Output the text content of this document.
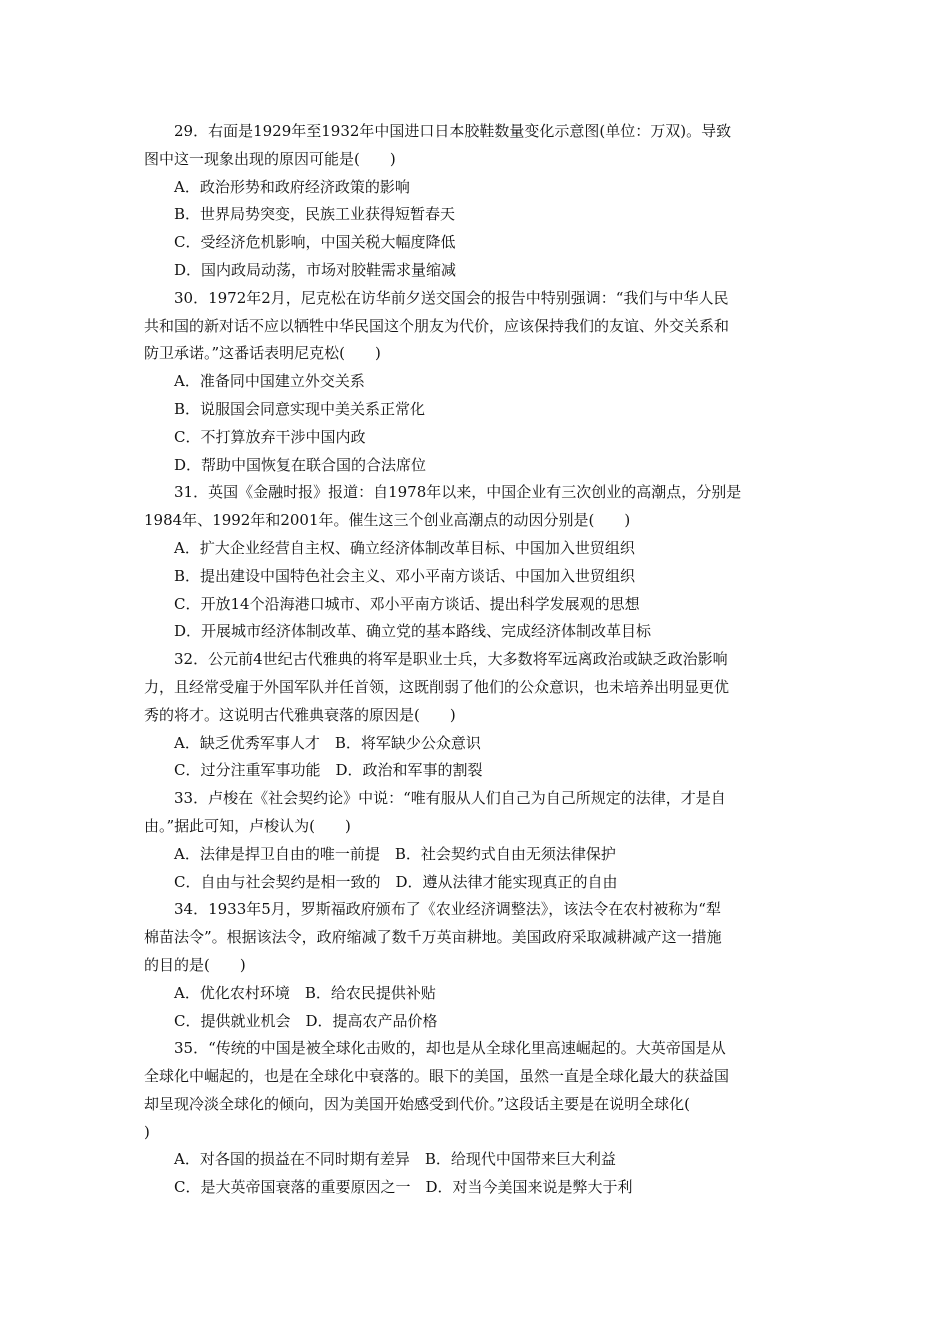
29．右面是1929年至1932年中国进口日本胶鞋数量变化示意图(单位：万双)。导致
图中这一现象出现的原因可能是(　　)
A．政治形势和政府经济政策的影响
B．世界局势突变，民族工业获得短暂春天
C．受经济危机影响，中国关税大幅度降低
D．国内政局动荡，市场对胶鞋需求量缩减
30．1972年2月，尼克松在访华前夕送交国会的报告中特别强调：“我们与中华人民
共和国的新对话不应以牺牲中华民国这个朋友为代价，应该保持我们的友谊、外交关系和
防卫承诺。”这番话表明尼克松(　　)
A．准备同中国建立外交关系
B．说服国会同意实现中美关系正常化
C．不打算放弃干涉中国内政
D．帮助中国恢复在联合国的合法席位
31．英国《金融时报》报道：自1978年以来，中国企业有三次创业的高潮点，分别是
1984年、1992年和2001年。催生这三个创业高潮点的动因分别是(　　)
A．扩大企业经营自主权、确立经济体制改革目标、中国加入世贸组织
B．提出建设中国特色社会主义、邓小平南方谈话、中国加入世贸组织
C．开放14个沿海港口城市、邓小平南方谈话、提出科学发展观的思想
D．开展城市经济体制改革、确立党的基本路线、完成经济体制改革目标
32．公元前4世纪古代雅典的将军是职业士兵，大多数将军远离政治或缺乏政治影响
力，且经常受雇于外国军队并任首领，这既削弱了他们的公众意识，也未培养出明显更优
秀的将才。这说明古代雅典衰落的原因是(　　)
A．缺乏优秀军事人才　B．将军缺少公众意识
C．过分注重军事功能　D．政治和军事的割裂
33．卢梭在《社会契约论》中说：“唯有服从人们自己为自己所规定的法律，才是自
由。”据此可知，卢梭认为(　　)
A．法律是捍卫自由的唯一前提　B．社会契约式自由无须法律保护
C．自由与社会契约是相一致的　D．遵从法律才能实现真正的自由
34．1933年5月，罗斯福政府颁布了《农业经济调整法》，该法令在农村被称为“犁
棉苗法令”。根据该法令，政府缩减了数千万英亩耕地。美国政府采取减耕减产这一措施
的目的是(　　)
A．优化农村环境　B．给农民提供补贴
C．提供就业机会　D．提高农产品价格
35．“传统的中国是被全球化击败的，却也是从全球化里高速崛起的。大英帝国是从
全球化中崛起的，也是在全球化中衰落的。眼下的美国，虽然一直是全球化最大的获益国
却呈现冷淡全球化的倾向，因为美国开始感受到代价。”这段话主要是在说明全球化(
)
A．对各国的损益在不同时期有差异　B．给现代中国带来巨大利益
C．是大英帝国衰落的重要原因之一　D．对当今美国来说是弊大于利
